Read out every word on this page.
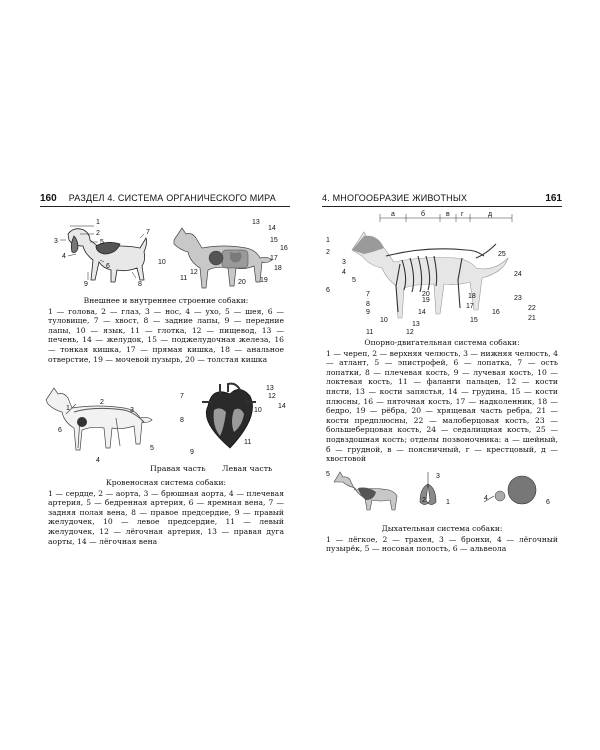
160 РАЗДЕЛ 4. СИСТЕМА ОРГАНИЧЕСКОГО МИРА
1
2
3
4
5
6
7
8
9
10
11
12
13
14
15
16
17
18
19
20
Внешнее и внутреннее строение собаки:
1 — голова, 2 — глаз, 3 — нос, 4 — ухо, 5 — шея, 6 — туловище, 7 — хвост, 8 — задние лапы, 9 — передние лапы, 10 — язык, 11 — глотка, 12 — пищевод, 13 — печень, 14 — желудок, 15 — поджелудочная железа, 16 — тонкая кишка, 17 — прямая кишка, 18 — анальное отверстие, 19 — мочевой пузырь, 20 — толстая кишка
1
2
3
4
5
6
7
8
9
10
11
12
13
14
Правая часть Левая часть
Кровеносная система собаки:
1 — сердце, 2 — аорта, 3 — брюшная аорта, 4 — плечевая артерия, 5 — бедренная артерия, 6 — яремная вена, 7 — задняя полая вена, 8 — правое предсердие, 9 — правый желудочек, 10 — левое предсердие, 11 — левый желудочек, 12 — лёгочная артерия, 13 — правая дуга аорты, 14 — лёгочная вена
4. МНОГООБРАЗИЕ ЖИВОТНЫХ	161
а	б	в г	д
1
2
3
4
5
6
7
8
9
10
11	12
13
14
15
16
17
18
19
20
21
22
23
24
25
Опорно-двигательная система собаки:
1 — череп, 2 — верхняя челюсть, 3 — нижняя челюсть, 4 — атлант, 5 — эпистрофей, 6 — лопатка, 7 — ость лопатки, 8 — плечевая кость, 9 — лучевая кость, 10 — локтевая кость, 11 — фаланги пальцев, 12 — кости пясти, 13 — кости запястья, 14 — грудина, 15 — кости плюсны, 16 — пяточная кость, 17 — надколенник, 18 — бедро, 19 — рёбра, 20 — хрящевая часть ребра, 21 — кости предплюсны, 22 — малоберцовая кость, 23 — большеберцовая кость, 24 — седалищная кость, 25 — подвздошная кость; отделы позвоночника: а — шейный, б — грудной, в — поясничный, г — крестцовый, д — хвостовой
1
2
3
4
5
6
Дыхательная система собаки:
1 — лёгкое, 2 — трахея, 3 — бронхи, 4 — лёгочный пузырёк, 5 — носовая полость, 6 — альвеола
